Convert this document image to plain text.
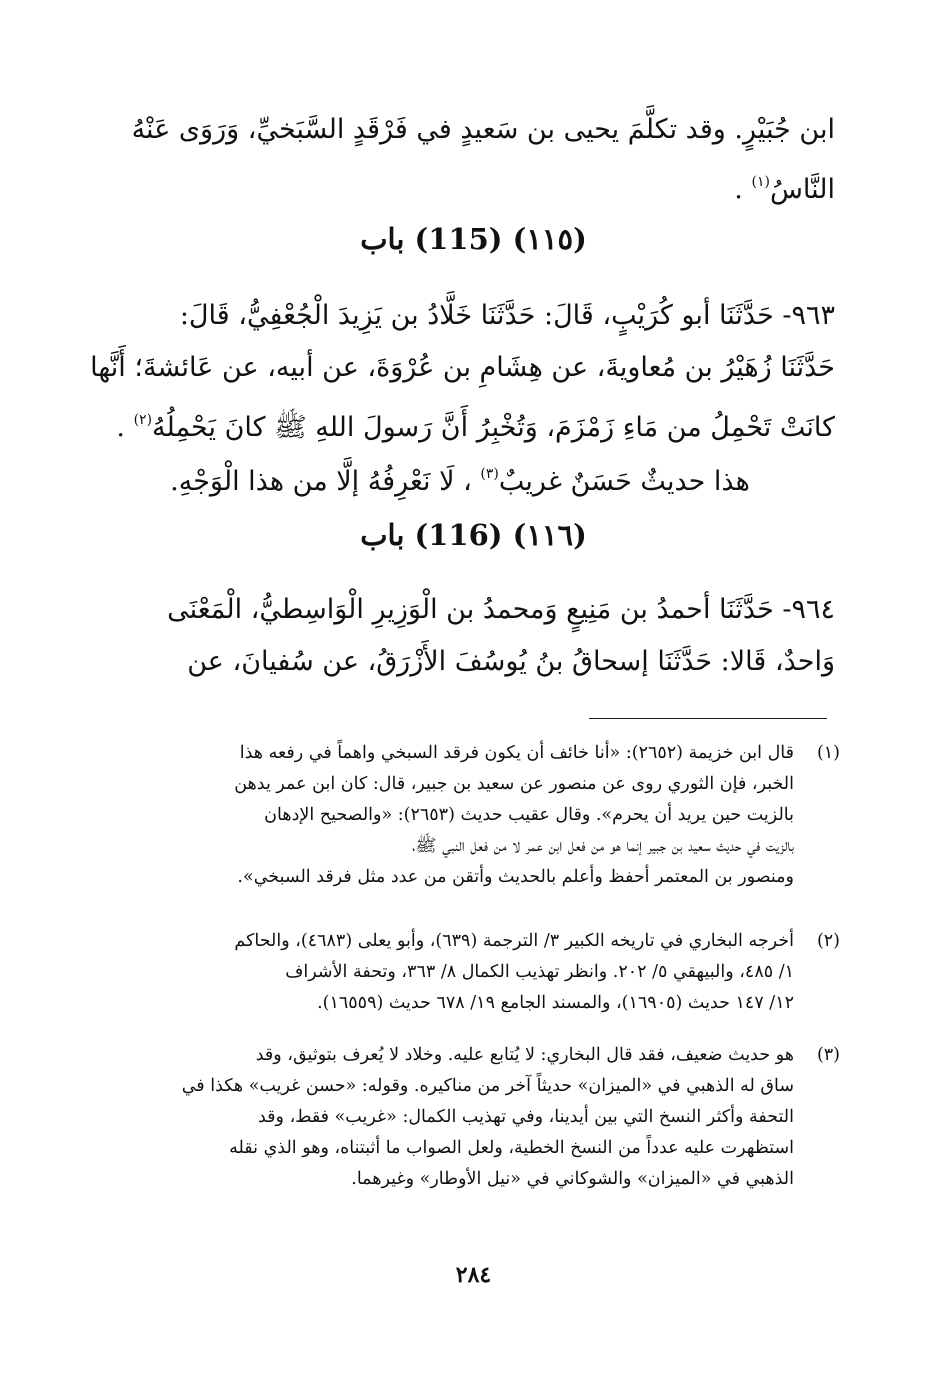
ابن جُبَيْرٍ. وقد تكلَّمَ يحيى بن سَعيدٍ في فَرْقَدٍ السَّبَخيِّ، وَرَوَى عَنْهُ
النَّاسُ$^{(١)}$ .
(١١٥) (115) باب
٩٦٣- حَدَّثَنَا أبو كُرَيْبٍ، قَالَ: حَدَّثَنَا خَلَّادُ بن يَزِيدَ الْجُعْفِيُّ، قَالَ:
حَدَّثَنَا زُهَيْرُ بن مُعاويةَ، عن هِشَامِ بن عُرْوَةَ، عن أبيه، عن عَائشةَ؛ أَنَّها
كانَتْ تَحْمِلُ من مَاءِ زَمْزَمَ، وَتُخْبِرُ أَنَّ رَسولَ اللهِ ﷺ كانَ يَحْمِلُهُ$^{(٢)}$ .
هذا حديثٌ حَسَنٌ غريبٌ$^{(٣)}$ ، لَا نَعْرِفُهُ إلَّا من هذا الْوَجْهِ.
(١١٦) (116) باب
٩٦٤- حَدَّثَنَا أحمدُ بن مَنِيعٍ وَمحمدُ بن الْوَزِيرِ الْوَاسِطيُّ، الْمَعْنَى
وَاحدٌ، قَالا: حَدَّثَنَا إسحاقُ بنُ يُوسُفَ الأَزْرَقُ، عن سُفيانَ، عن
(١)
قال ابن خزيمة (٢٦٥٢): «أنا خائف أن يكون فرقد السبخي واهماً في رفعه هذا
الخبر، فإن الثوري روى عن منصور عن سعيد بن جبير، قال: كان ابن عمر يدهن
بالزيت حين يريد أن يحرم». وقال عقيب حديث (٢٦٥٣): «والصحيح الإدهان
بالزيت في حديث سعيد بن جبير إنما هو من فعل ابن عمر لا من فعل النبي ﷺ،
ومنصور بن المعتمر أحفظ وأعلم بالحديث وأتقن من عدد مثل فرقد السبخي».
(٢)
أخرجه البخاري في تاريخه الكبير ٣/ الترجمة (٦٣٩)، وأبو يعلى (٤٦٨٣)، والحاكم
١/ ٤٨٥، والبيهقي ٥/ ٢٠٢. وانظر تهذيب الكمال ٨/ ٣٦٣، وتحفة الأشراف
١٢/ ١٤٧ حديث (١٦٩٠٥)، والمسند الجامع ١٩/ ٦٧٨ حديث (١٦٥٥٩).
(٣)
هو حديث ضعيف، فقد قال البخاري: لا يُتابع عليه. وخلاد لا يُعرف بتوثيق، وقد
ساق له الذهبي في «الميزان» حديثاً آخر من مناكيره. وقوله: «حسن غريب» هكذا في
التحفة وأكثر النسخ التي بين أيدينا، وفي تهذيب الكمال: «غريب» فقط، وقد
استظهرت عليه عدداً من النسخ الخطية، ولعل الصواب ما أثبتناه، وهو الذي نقله
الذهبي في «الميزان» والشوكاني في «نيل الأوطار» وغيرهما.
٢٨٤
